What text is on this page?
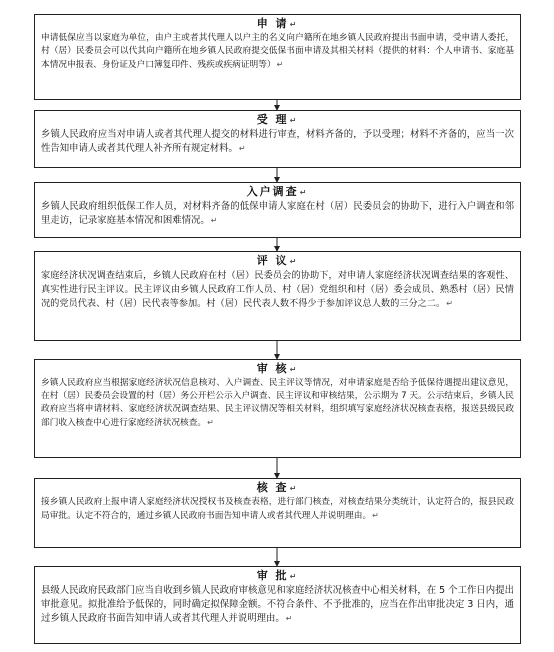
申 请↵
申请低保应当以家庭为单位，由户主或者其代理人以户主的名义向户籍所在地乡镇人民政府提出书面申请，受申请人委托，村（居）民委员会可以代其向户籍所在地乡镇人民政府提交低保书面申请及其相关材料（提供的材料：个人申请书、家庭基本情况申报表、身份证及户口簿复印件、残疾或疾病证明等）↵
受 理↵
乡镇人民政府应当对申请人或者其代理人提交的材料进行审查，材料齐备的，予以受理；材料不齐备的，应当一次性告知申请人或者其代理人补齐所有规定材料。↵
入户调查↵
乡镇人民政府组织低保工作人员，对材料齐备的低保申请人家庭在村（居）民委员会的协助下，进行入户调查和邻里走访，记录家庭基本情况和困难情况。↵
评 议↵
家庭经济状况调查结束后，乡镇人民政府在村（居）民委员会的协助下，对申请人家庭经济状况调查结果的客观性、真实性进行民主评议。民主评议由乡镇人民政府工作人员、村（居）党组织和村（居）委会成员、熟悉村（居）民情况的党员代表、村（居）民代表等参加。村（居）民代表人数不得少于参加评议总人数的三分之二。↵
审 核↵
乡镇人民政府应当根据家庭经济状况信息核对、入户调查、民主评议等情况，对申请家庭是否给予低保待遇提出建议意见，在村（居）民委员会设置的村（居）务公开栏公示入户调查、民主评议和审核结果，公示期为 7 天。公示结束后，乡镇人民政府应当将申请材料、家庭经济状况调查结果、民主评议情况等相关材料，组织填写家庭经济状况核查表格，报送县级民政部门收入核查中心进行家庭经济状况核查。↵
核 查↵
接乡镇人民政府上报申请人家庭经济状况授权书及核查表格，进行部门核查，对核查结果分类统计，认定符合的，报县民政局审批。认定不符合的，通过乡镇人民政府书面告知申请人或者其代理人并说明理由。↵
审 批↵
县级人民政府民政部门应当自收到乡镇人民政府审核意见和家庭经济状况核查中心相关材料，在 5 个工作日内提出审批意见。拟批准给予低保的，同时确定拟保障金额。不符合条件、不予批准的，应当在作出审批决定 3 日内，通过乡镇人民政府书面告知申请人或者其代理人并说明理由。↵
